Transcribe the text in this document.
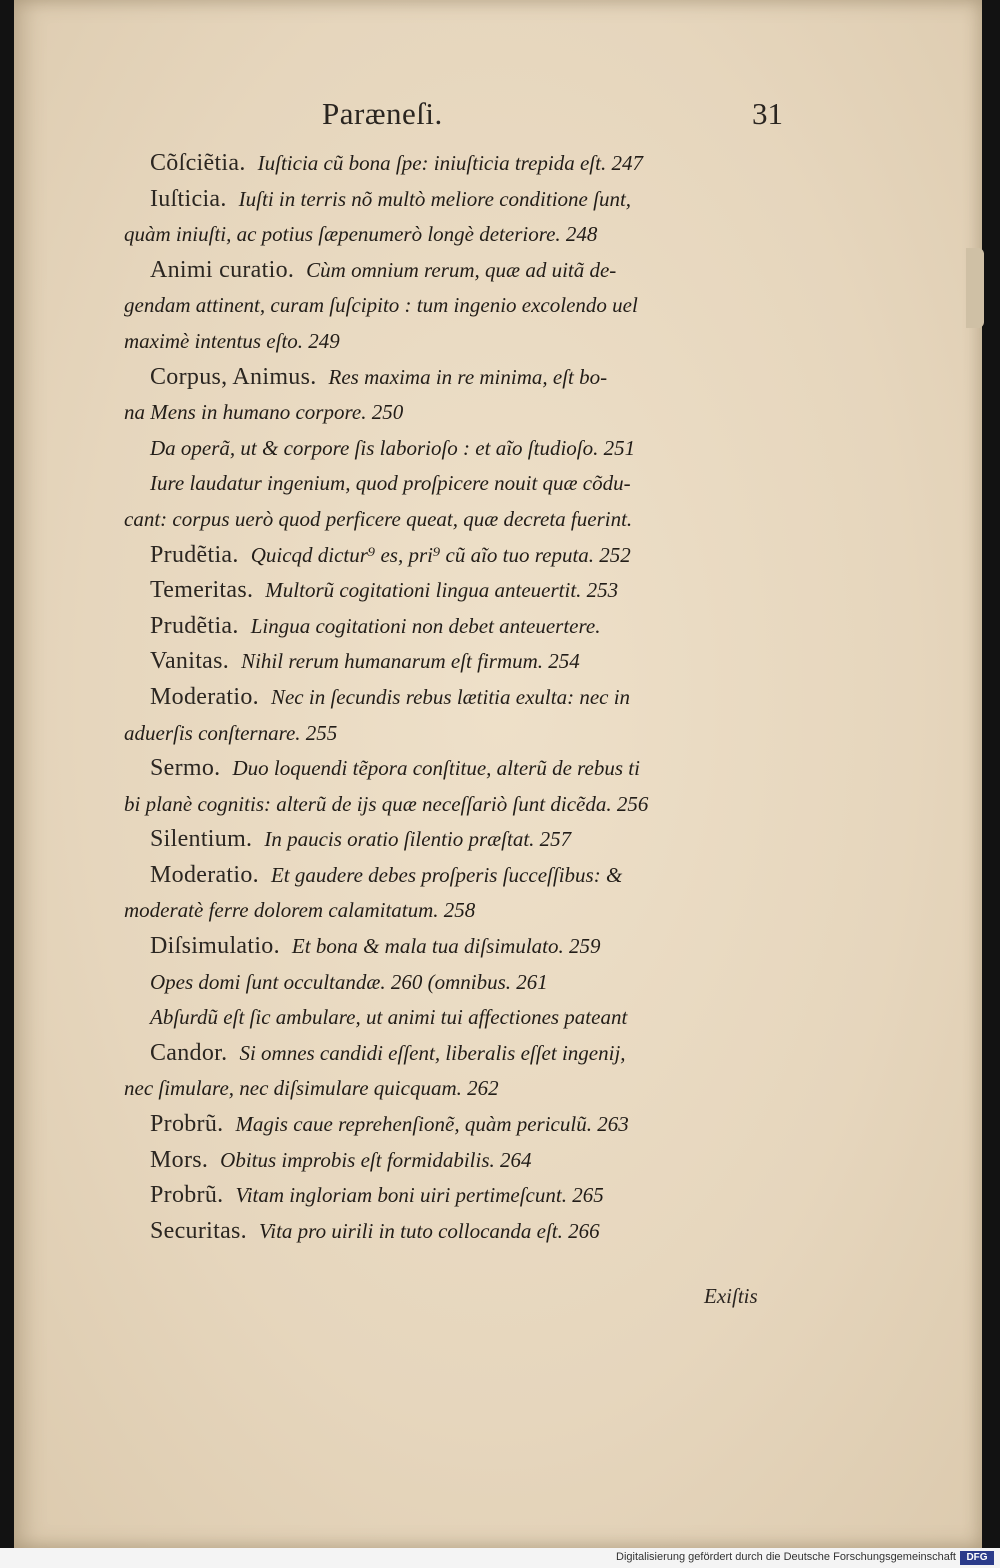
Paræneſi.	31
Cõſciẽtia. Iuſticia cũ bona ſpe: iniuſticia trepida eſt. 247
Iuſticia. Iuſti in terris nõ multò meliore conditione ſunt,
quàm iniuſti, ac potius ſæpenumerò longè deteriore. 248
Animi curatio. Cùm omnium rerum, quæ ad uitã de-
gendam attinent, curam ſuſcipito : tum ingenio excolendo uel
maximè intentus eſto. 249
Corpus, Animus. Res maxima in re minima, eſt bo-
na Mens in humano corpore. 250
Da operã, ut & corpore ſis laborioſo : et aĩo ſtudioſo. 251
Iure laudatur ingenium, quod proſpicere nouit quæ cõdu-
cant: corpus uerò quod perficere queat, quæ decreta fuerint.
Prudẽtia. Quicqd dictur⁹ es, pri⁹ cũ aĩo tuo reputa. 252
Temeritas. Multorũ cogitationi lingua anteuertit. 253
Prudẽtia. Lingua cogitationi non debet anteuertere.
Vanitas. Nihil rerum humanarum eſt firmum. 254
Moderatio. Nec in ſecundis rebus lætitia exulta: nec in
aduerſis conſternare. 255
Sermo. Duo loquendi tẽpora conſtitue, alterũ de rebus ti
bi planè cognitis: alterũ de ijs quæ neceſſariò ſunt dicẽda. 256
Silentium. In paucis oratio ſilentio præſtat. 257
Moderatio. Et gaudere debes proſperis ſucceſſibus: &
moderatè ferre dolorem calamitatum. 258
Diſsimulatio. Et bona & mala tua diſsimulato. 259
Opes domi ſunt occultandæ. 260 (omnibus. 261
Abſurdũ eſt ſic ambulare, ut animi tui affectiones pateant
Candor. Si omnes candidi eſſent, liberalis eſſet ingenij,
nec ſimulare, nec diſsimulare quicquam. 262
Probrũ. Magis caue reprehenſionẽ, quàm periculũ. 263
Mors. Obitus improbis eſt formidabilis. 264
Probrũ. Vitam ingloriam boni uiri pertimeſcunt. 265
Securitas. Vita pro uirili in tuto collocanda eſt. 266
Exiſtis
Digitalisierung gefördert durch die Deutsche Forschungsgemeinschaft	DFG
